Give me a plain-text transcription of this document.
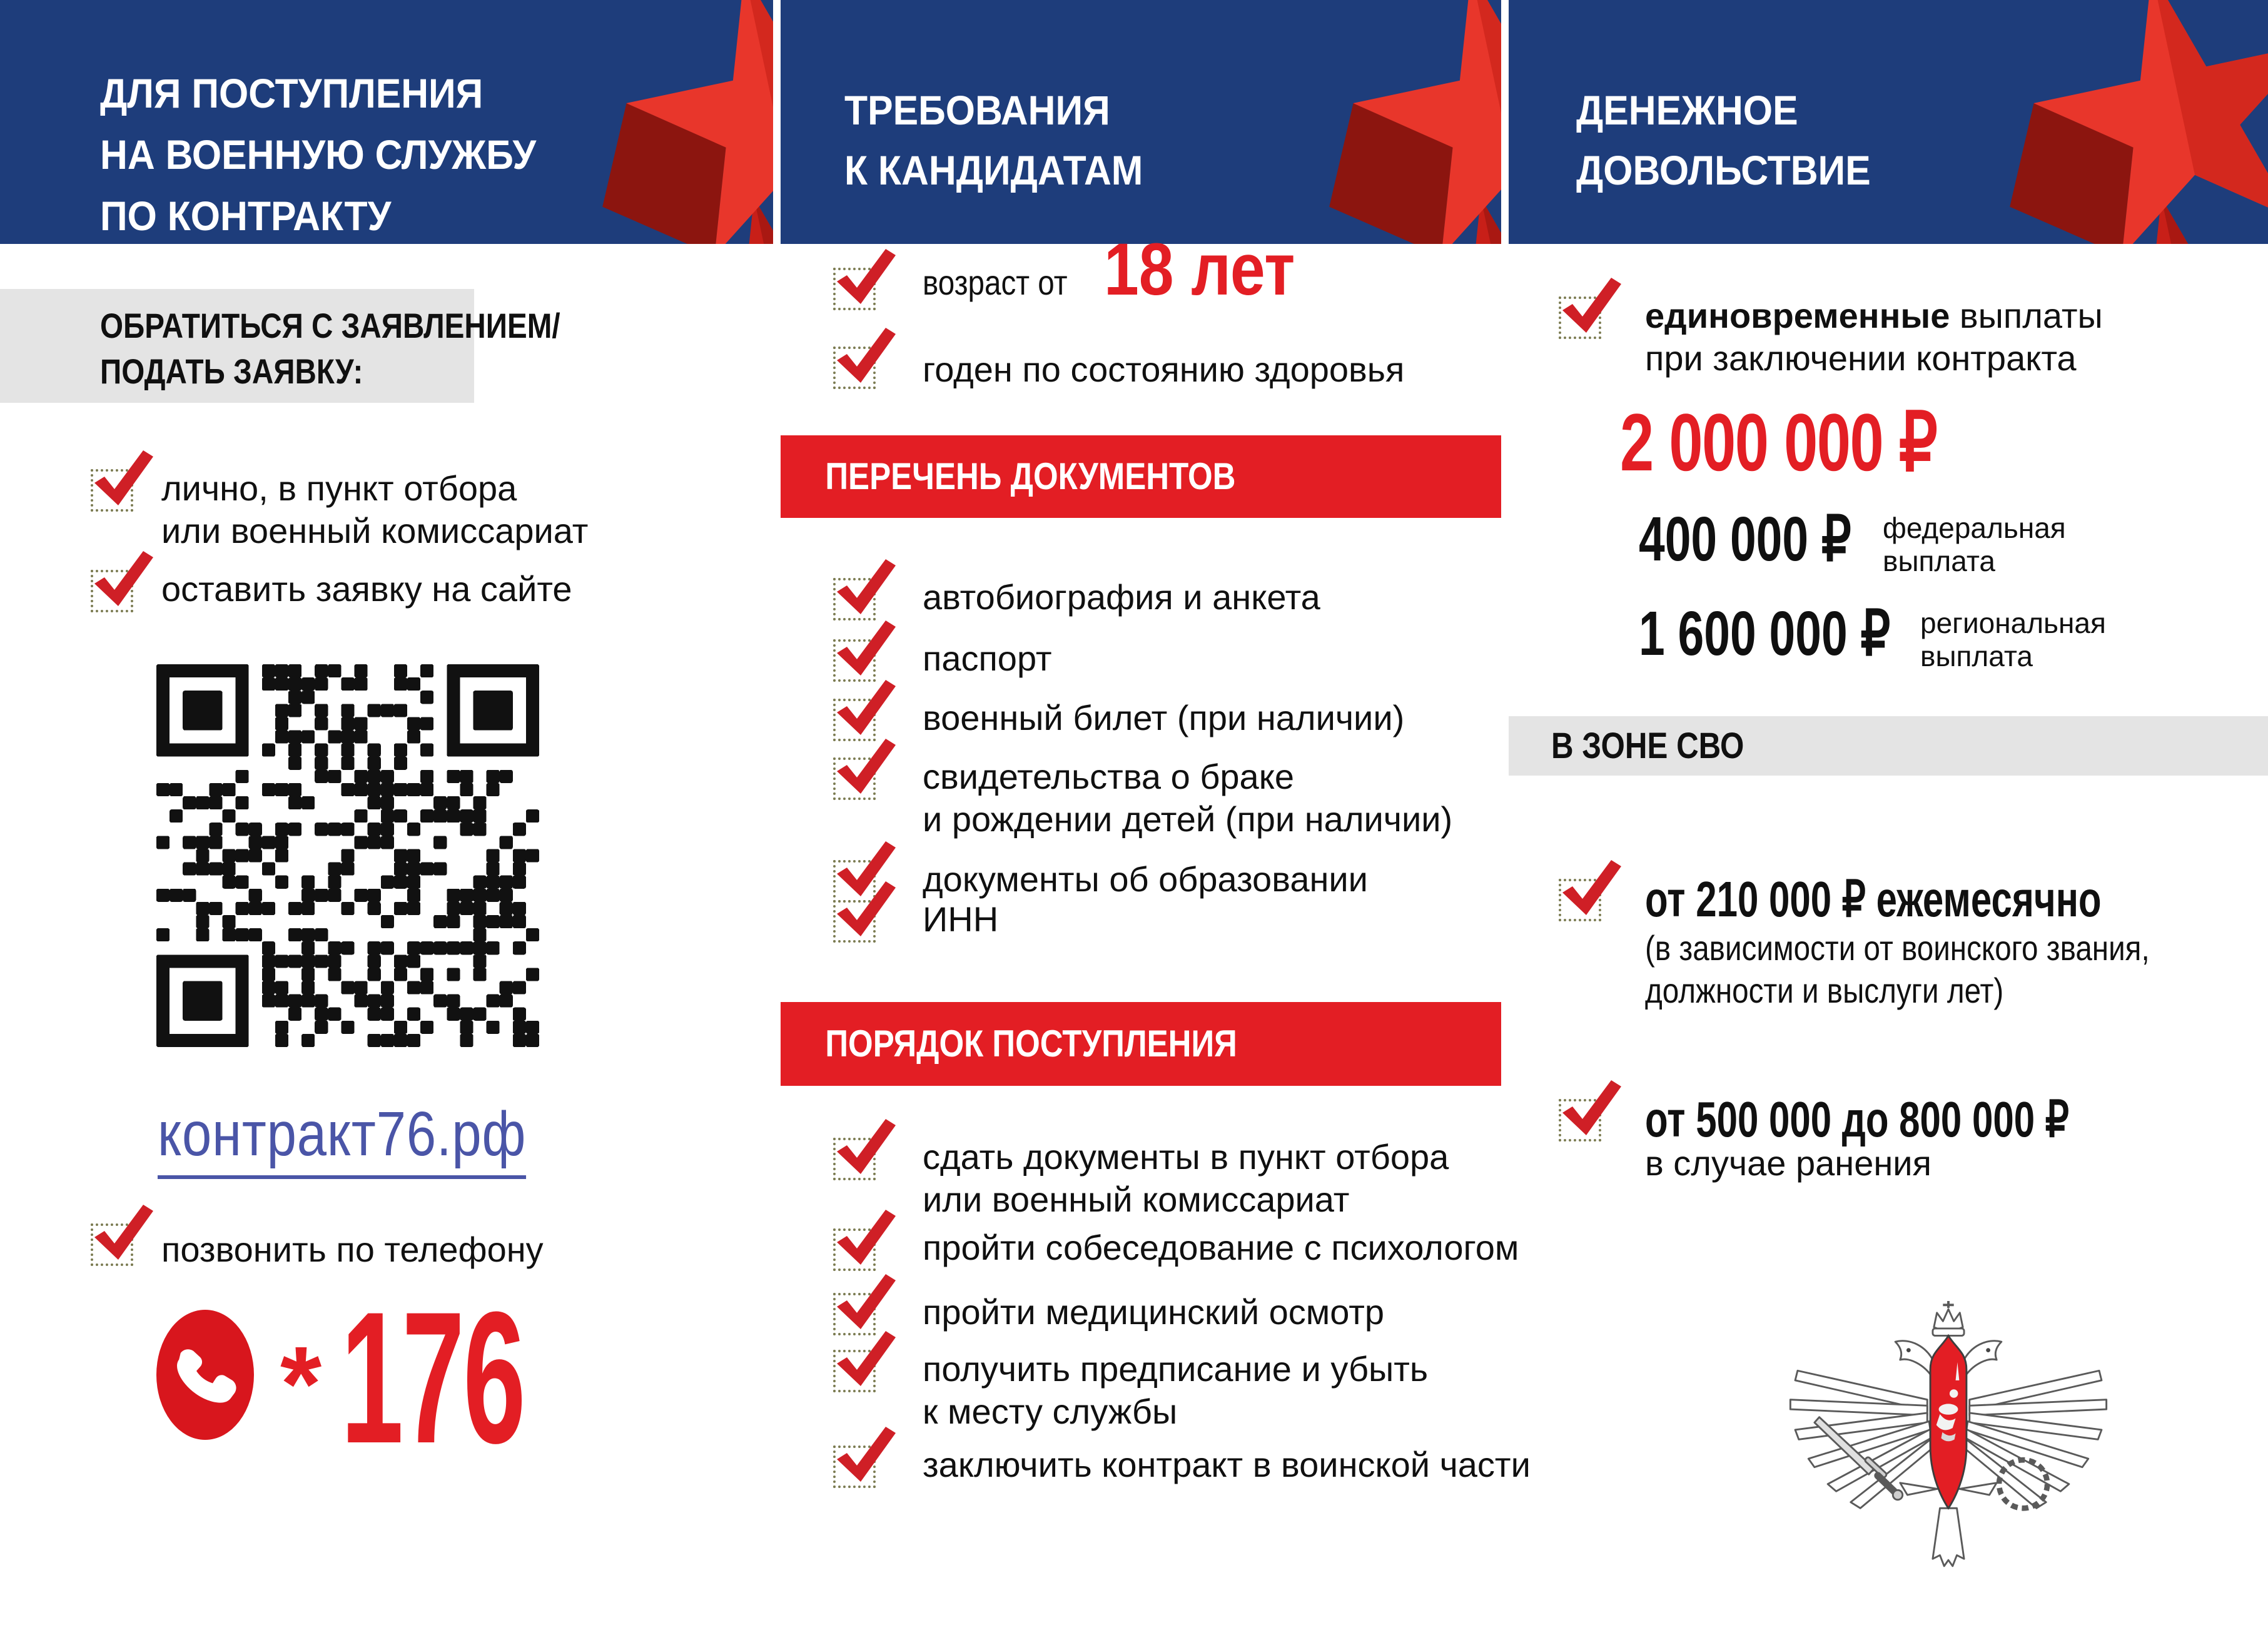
ДЛЯ ПОСТУПЛЕНИЯ
НА ВОЕННУЮ СЛУЖБУ
ПО КОНТРАКТУ
ОБРАТИТЬСЯ С ЗАЯВЛЕНИЕМ/
ПОДАТЬ ЗАЯВКУ:
лично, в пункт отбора
или военный комиссариат
оставить заявку на сайте
контракт76.рф
позвонить по телефону
* 176
ТРЕБОВАНИЯ
К КАНДИДАТАМ
возраст от 18 лет
годен по состоянию здоровья
ПЕРЕЧЕНЬ ДОКУМЕНТОВ
автобиография и анкета
паспорт
военный билет (при наличии)
свидетельства о браке
и рождении детей (при наличии)
документы об образовании
ИНН
ПОРЯДОК ПОСТУПЛЕНИЯ
сдать документы в пункт отбора
или военный комиссариат
пройти собеседование с психологом
пройти медицинский осмотр
получить предписание и убыть
к месту службы
заключить контракт в воинской части
ДЕНЕЖНОЕ
ДОВОЛЬСТВИЕ
единовременные выплаты
при заключении контракта
2 000 000 ₽
400 000 ₽ федеральная
выплата
1 600 000 ₽ региональная
выплата
В ЗОНЕ СВО
от 210 000 ₽ ежемесячно
(в зависимости от воинского звания,
должности и выслуги лет)
от 500 000 до 800 000 ₽
в случае ранения
